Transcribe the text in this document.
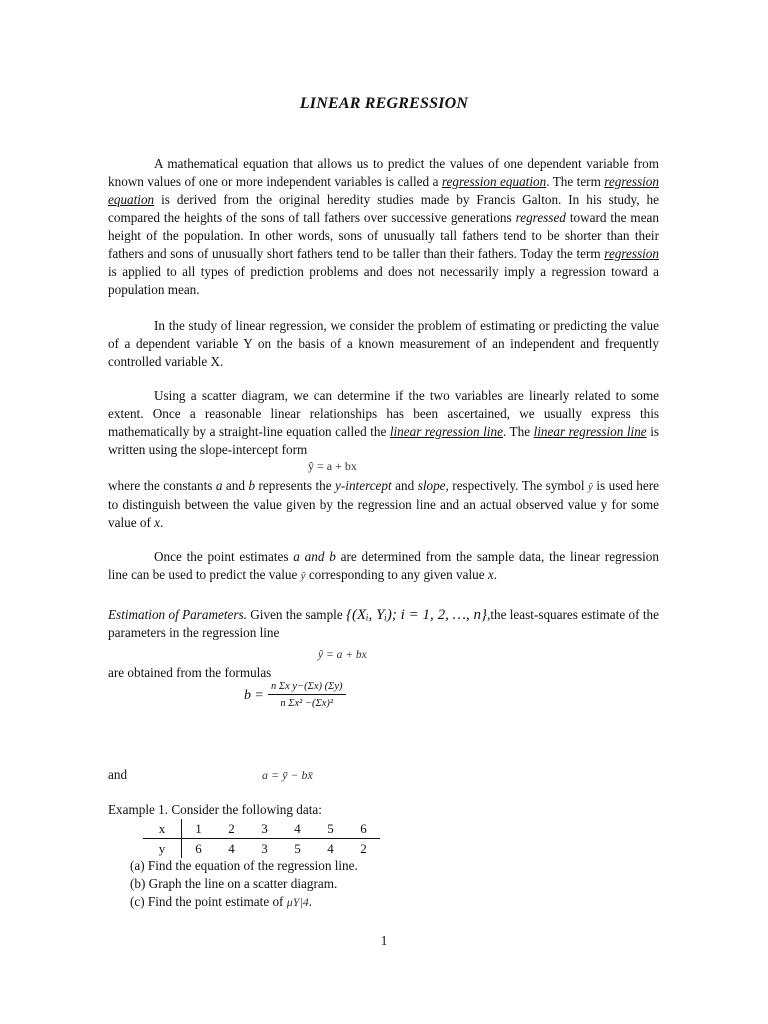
LINEAR REGRESSION
A mathematical equation that allows us to predict the values of one dependent variable from known values of one or more independent variables is called a regression equation. The term regression equation is derived from the original heredity studies made by Francis Galton. In his study, he compared the heights of the sons of tall fathers over successive generations regressed toward the mean height of the population. In other words, sons of unusually tall fathers tend to be shorter than their fathers and sons of unusually short fathers tend to be taller than their fathers. Today the term regression is applied to all types of prediction problems and does not necessarily imply a regression toward a population mean.
In the study of linear regression, we consider the problem of estimating or predicting the value of a dependent variable Y on the basis of a known measurement of an independent and frequently controlled variable X.
Using a scatter diagram, we can determine if the two variables are linearly related to some extent. Once a reasonable linear relationships has been ascertained, we usually express this mathematically by a straight-line equation called the linear regression line. The linear regression line is written using the slope-intercept form
ŷ = a + bx
where the constants a and b represents the y-intercept and slope, respectively. The symbol ŷ is used here to distinguish between the value given by the regression line and an actual observed value y for some value of x.
Once the point estimates a and b are determined from the sample data, the linear regression line can be used to predict the value ŷ corresponding to any given value x.
Estimation of Parameters. Given the sample {(Xᵢ, Yᵢ); i = 1, 2, …, n},the least-squares estimate of the parameters in the regression line
ŷ = a + bx
are obtained from the formulas
$b = \frac{\text{n Σx y−(Σx) (Σy)}}{\text{n Σx² −(Σx)²}}$
and	a = ȳ − bx̄
Example 1. Consider the following data:
x	1	2	3	4	5	6
y	6	4	3	5	4	2
(a) Find the equation of the regression line.
(b) Graph the line on a scatter diagram.
(c) Find the point estimate of μY|4.
1
